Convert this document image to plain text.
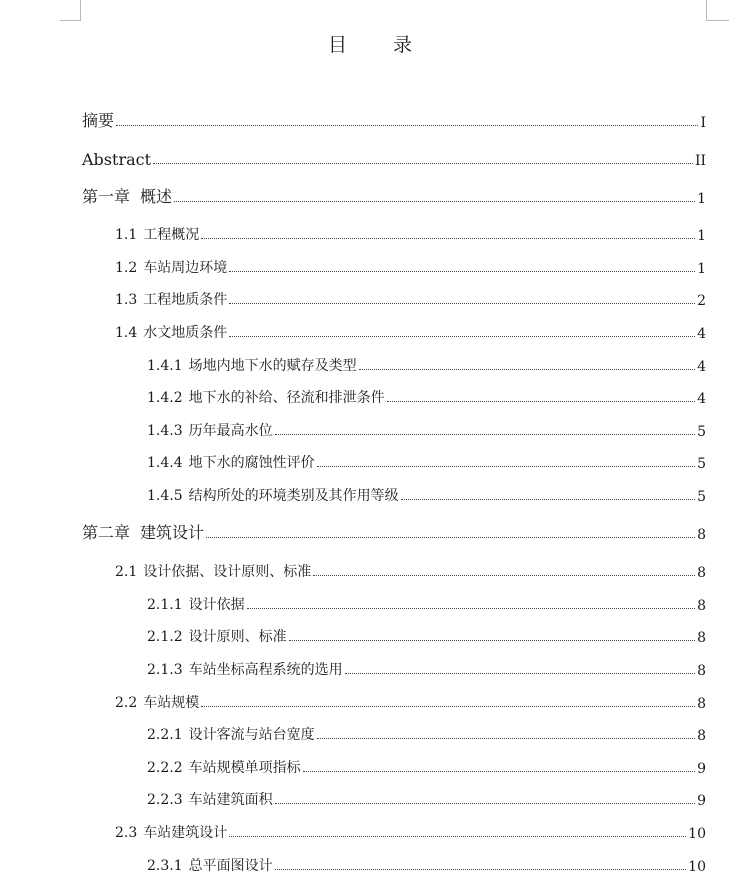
目 录
摘要	I
Abstract	II
第一章 概述	1
1.1 工程概况	1
1.2 车站周边环境	1
1.3 工程地质条件	2
1.4 水文地质条件	4
1.4.1 场地内地下水的赋存及类型	4
1.4.2 地下水的补给、径流和排泄条件	4
1.4.3 历年最高水位	5
1.4.4 地下水的腐蚀性评价	5
1.4.5 结构所处的环境类别及其作用等级	5
第二章 建筑设计	8
2.1 设计依据、设计原则、标准	8
2.1.1 设计依据	8
2.1.2 设计原则、标准	8
2.1.3 车站坐标高程系统的选用	8
2.2 车站规模	8
2.2.1 设计客流与站台宽度	8
2.2.2 车站规模单项指标	9
2.2.3 车站建筑面积	9
2.3 车站建筑设计	10
2.3.1 总平面图设计	10
